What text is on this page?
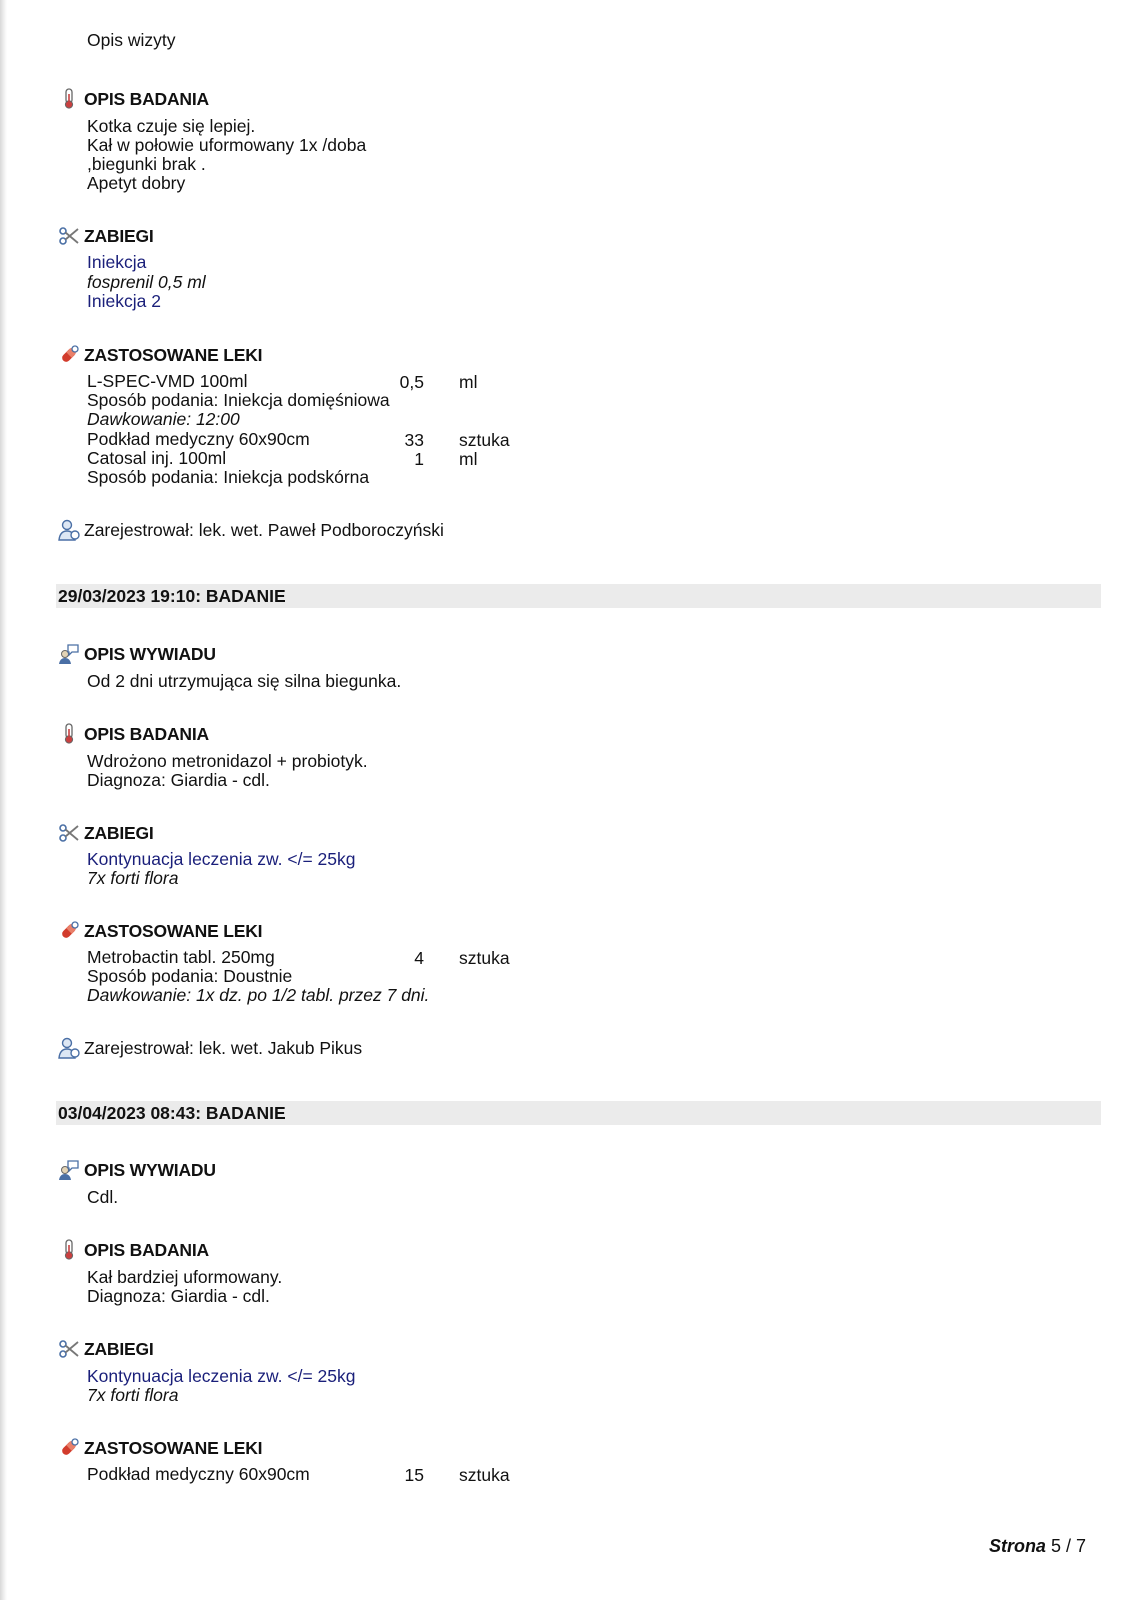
Opis wizyty
OPIS BADANIA
Kotka czuje się lepiej.
Kał w połowie uformowany 1x /doba
,biegunki brak .
Apetyt dobry
ZABIEGI
Iniekcja
fosprenil 0,5 ml
Iniekcja 2
ZASTOSOWANE LEKI
L-SPEC-VMD 100ml	0,5 ml
Sposób podania: Iniekcja domięśniowa
Dawkowanie: 12:00
Podkład medyczny 60x90cm	33 sztuka
Catosal inj. 100ml	1 ml
Sposób podania: Iniekcja podskórna
Zarejestrował: lek. wet. Paweł Podboroczyński
29/03/2023 19:10: BADANIE
OPIS WYWIADU
Od 2 dni utrzymująca się silna biegunka.
OPIS BADANIA
Wdrożono metronidazol + probiotyk.
Diagnoza: Giardia - cdl.
ZABIEGI
Kontynuacja leczenia zw. </= 25kg
7x forti flora
ZASTOSOWANE LEKI
Metrobactin tabl. 250mg	4 sztuka
Sposób podania: Doustnie
Dawkowanie: 1x dz. po 1/2 tabl. przez 7 dni.
Zarejestrował: lek. wet. Jakub Pikus
03/04/2023 08:43: BADANIE
OPIS WYWIADU
Cdl.
OPIS BADANIA
Kał bardziej uformowany.
Diagnoza: Giardia - cdl.
ZABIEGI
Kontynuacja leczenia zw. </= 25kg
7x forti flora
ZASTOSOWANE LEKI
Podkład medyczny 60x90cm	15 sztuka
Strona 5 / 7
